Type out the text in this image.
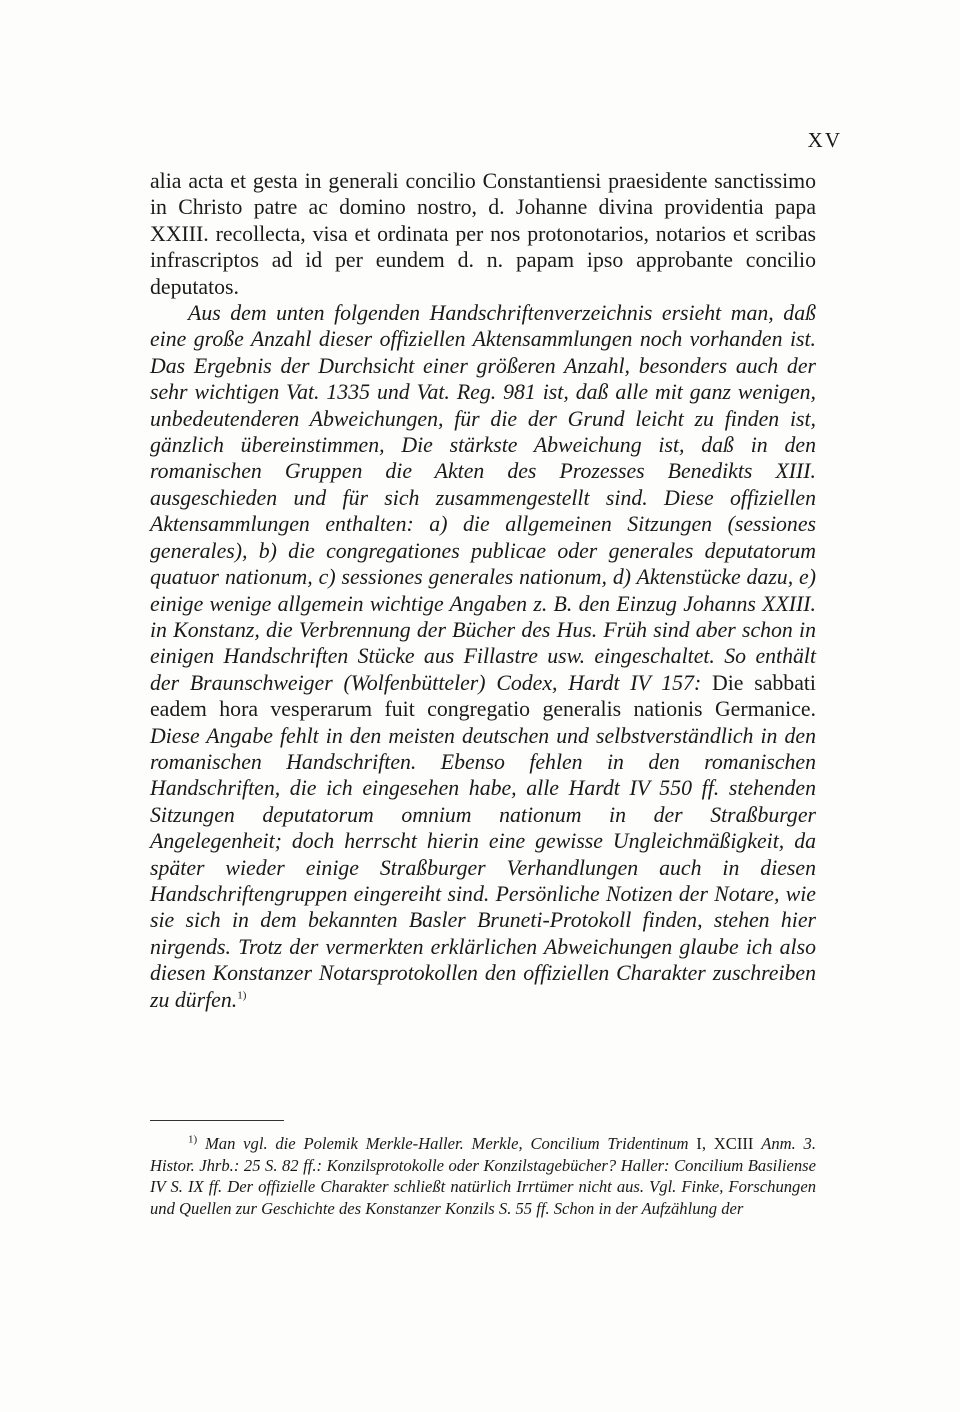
XV

alia acta et gesta in generali concilio Constantiensi praesidente sanctissimo in Christo patre ac domino nostro, d. Johanne divina providentia papa XXIII. recollecta, visa et ordinata per nos protonotarios, notarios et scribas infrascriptos ad id per eundem d. n. papam ipso approbante concilio deputatos.

Aus dem unten folgenden Handschriftenverzeichnis ersieht man, daß eine große Anzahl dieser offiziellen Aktensammlungen noch vorhanden ist. Das Ergebnis der Durchsicht einer größeren Anzahl, besonders auch der sehr wichtigen Vat. 1335 und Vat. Reg. 981 ist, daß alle mit ganz wenigen, unbedeutenderen Abweichungen, für die der Grund leicht zu finden ist, gänzlich übereinstimmen, Die stärkste Abweichung ist, daß in den romanischen Gruppen die Akten des Prozesses Benedikts XIII. ausgeschieden und für sich zusammengestellt sind. Diese offiziellen Aktensammlungen enthalten: a) die allgemeinen Sitzungen (sessiones generales), b) die congregationes publicae oder generales deputatorum quatuor nationum, c) sessiones generales nationum, d) Aktenstücke dazu, e) einige wenige allgemein wichtige Angaben z. B. den Einzug Johanns XXIII. in Konstanz, die Verbrennung der Bücher des Hus. Früh sind aber schon in einigen Handschriften Stücke aus Fillastre usw. eingeschaltet. So enthält der Braunschweiger (Wolfenbütteler) Codex, Hardt IV 157: Die sabbati eadem hora vesperarum fuit congregatio generalis nationis Germanice. Diese Angabe fehlt in den meisten deutschen und selbstverständlich in den romanischen Handschriften. Ebenso fehlen in den romanischen Handschriften, die ich eingesehen habe, alle Hardt IV 550 ff. stehenden Sitzungen deputatorum omnium nationum in der Straßburger Angelegenheit; doch herrscht hierin eine gewisse Ungleichmäßigkeit, da später wieder einige Straßburger Verhandlungen auch in diesen Handschriftengruppen eingereiht sind. Persönliche Notizen der Notare, wie sie sich in dem bekannten Basler Bruneti-Protokoll finden, stehen hier nirgends. Trotz der vermerkten erklärlichen Abweichungen glaube ich also diesen Konstanzer Notarsprotokollen den offiziellen Charakter zuschreiben zu dürfen.$^{1)}$

$^{1)}$ Man vgl. die Polemik Merkle-Haller. Merkle, Concilium Tridentinum I, XCIII Anm. 3. Histor. Jhrb.: 25 S. 82 ff.: Konzilsprotokolle oder Konzilstagebücher? Haller: Concilium Basiliense IV S. IX ff. Der offizielle Charakter schließt natürlich Irrtümer nicht aus. Vgl. Finke, Forschungen und Quellen zur Geschichte des Konstanzer Konzils S. 55 ff. Schon in der Aufzählung der
